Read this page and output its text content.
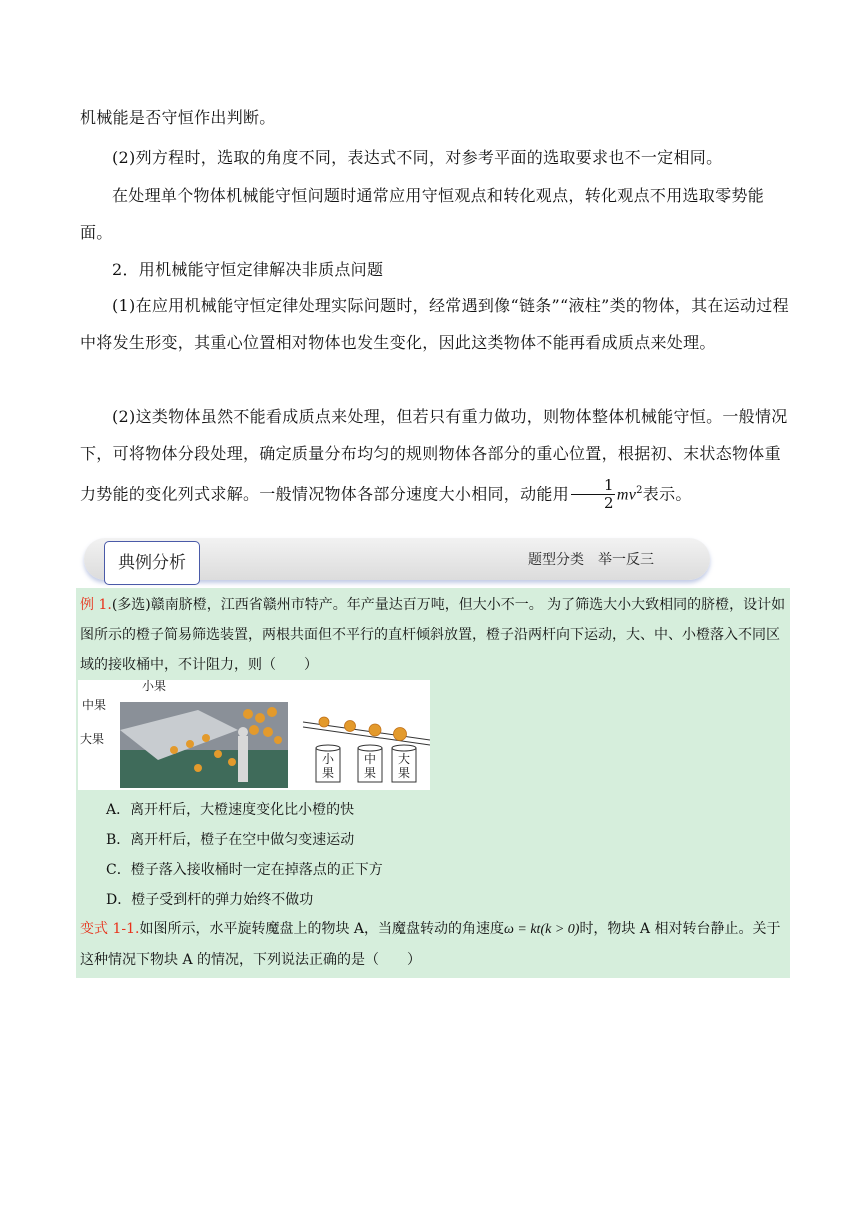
机械能是否守恒作出判断。
(2)列方程时，选取的角度不同，表达式不同，对参考平面的选取要求也不一定相同。
在处理单个物体机械能守恒问题时通常应用守恒观点和转化观点，转化观点不用选取零势能面。
2．用机械能守恒定律解决非质点问题
(1)在应用机械能守恒定律处理实际问题时，经常遇到像“链条”“液柱”类的物体，其在运动过程中将发生形变，其重心位置相对物体也发生变化，因此这类物体不能再看成质点来处理。
(2)这类物体虽然不能看成质点来处理，但若只有重力做功，则物体整体机械能守恒。一般情况下，可将物体分段处理，确定质量分布均匀的规则物体各部分的重心位置，根据初、末状态物体重力势能的变化列式求解。一般情况物体各部分速度大小相同，动能用 $\frac{1}{2} mv^2$表示。
典例分析	题型分类 举一反三
例 1.(多选)赣南脐橙，江西省赣州市特产。年产量达百万吨，但大小不一。 为了筛选大小大致相同的脐橙，设计如图所示的橙子简易筛选装置，两根共面但不平行的直杆倾斜放置，橙子沿两杆向下运动，大、中、小橙落入不同区域的接收桶中，不计阻力，则（　　）
小果
中果
大果
小果
中果
大果
A．离开杆后，大橙速度变化比小橙的快
B．离开杆后，橙子在空中做匀变速运动
C．橙子落入接收桶时一定在掉落点的正下方
D．橙子受到杆的弹力始终不做功
变式 1-1.如图所示，水平旋转魔盘上的物块 A，当魔盘转动的角速度ω = kt(k > 0)时，物块 A 相对转台静止。关于这种情况下物块 A 的情况，下列说法正确的是（　　）
